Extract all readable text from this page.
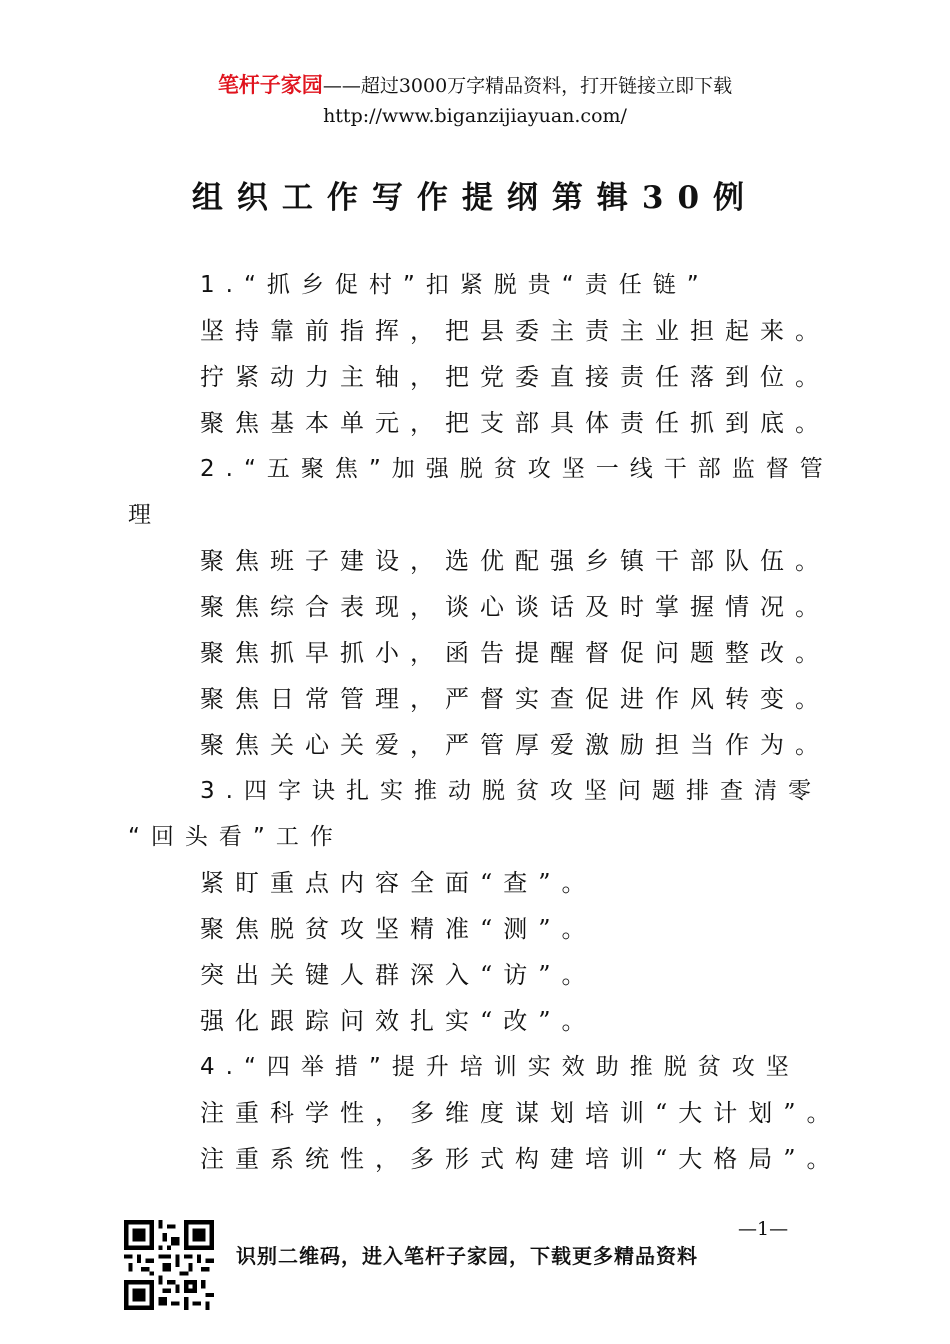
笔杆子家园——超过3000万字精品资料，打开链接立即下载
http://www.biganzijiayuan.com/
组织工作写作提纲第辑30例
1.“抓乡促村”扣紧脱贵“责任链”
坚持靠前指挥，把县委主责主业担起来。
拧紧动力主轴，把党委直接责任落到位。
聚焦基本单元，把支部具体责任抓到底。
2.“五聚焦”加强脱贫攻坚一线干部监督管
理
聚焦班子建设，选优配强乡镇干部队伍。
聚焦综合表现，谈心谈话及时掌握情况。
聚焦抓早抓小，函告提醒督促问题整改。
聚焦日常管理，严督实查促进作风转变。
聚焦关心关爱，严管厚爱激励担当作为。
3.四字诀扎实推动脱贫攻坚问题排查清零
“回头看”工作
紧盯重点内容全面“查”。
聚焦脱贫攻坚精准“测”。
突出关键人群深入“访”。
强化跟踪问效扎实“改”。
4.“四举措”提升培训实效助推脱贫攻坚
注重科学性，多维度谋划培训“大计划”。
注重系统性，多形式构建培训“大格局”。
—1—
识别二维码，进入笔杆子家园，下载更多精品资料
